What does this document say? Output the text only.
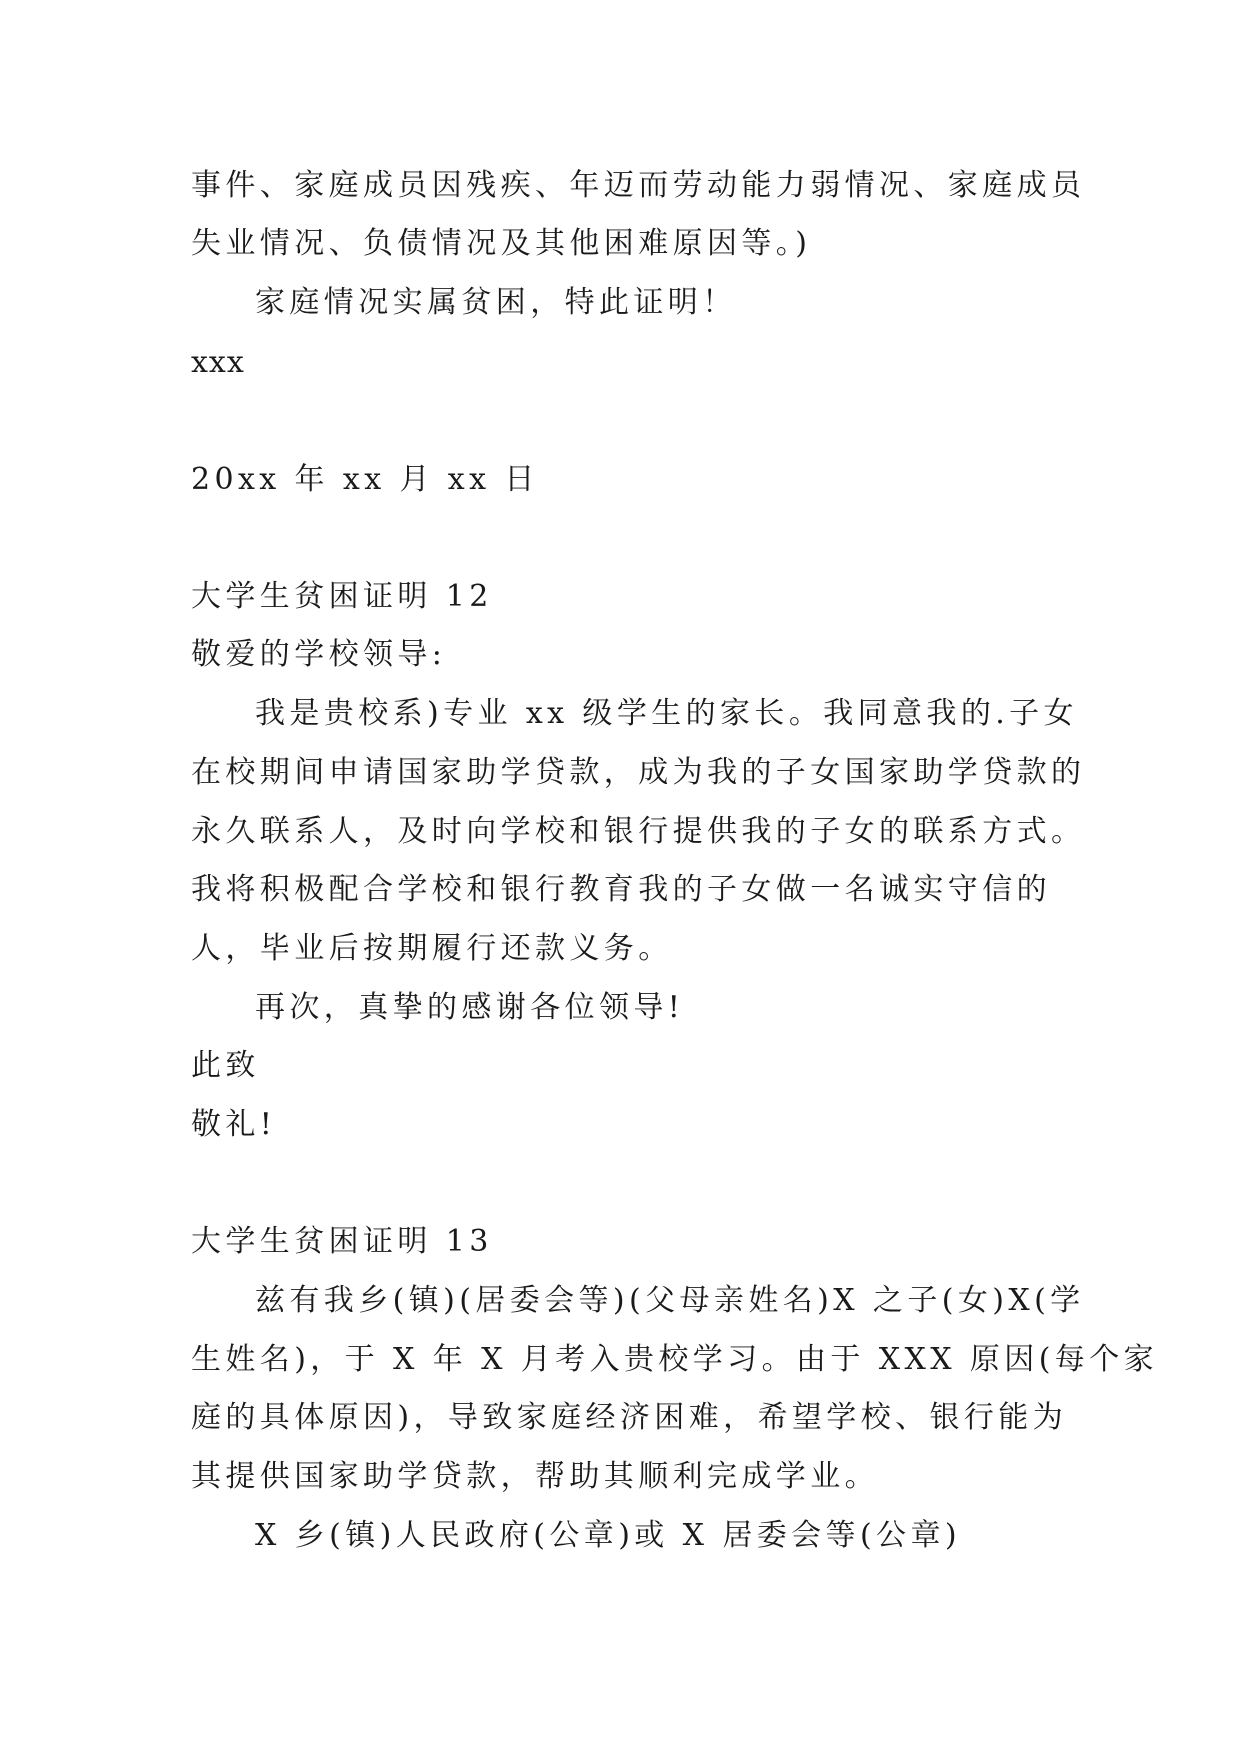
事件、家庭成员因残疾、年迈而劳动能力弱情况、家庭成员
失业情况、负债情况及其他困难原因等。)
家庭情况实属贫困，特此证明！
xxx
20xx 年 xx 月 xx 日
大学生贫困证明 12
敬爱的学校领导:
我是贵校系)专业 xx 级学生的家长。我同意我的.子女
在校期间申请国家助学贷款，成为我的子女国家助学贷款的
永久联系人，及时向学校和银行提供我的子女的联系方式。
我将积极配合学校和银行教育我的子女做一名诚实守信的
人，毕业后按期履行还款义务。
再次，真挚的感谢各位领导!
此致
敬礼!
大学生贫困证明 13
兹有我乡(镇)(居委会等)(父母亲姓名)X 之子(女)X(学
生姓名)，于 X 年 X 月考入贵校学习。由于 XXX 原因(每个家
庭的具体原因)，导致家庭经济困难，希望学校、银行能为
其提供国家助学贷款，帮助其顺利完成学业。
X 乡(镇)人民政府(公章)或 X 居委会等(公章)
